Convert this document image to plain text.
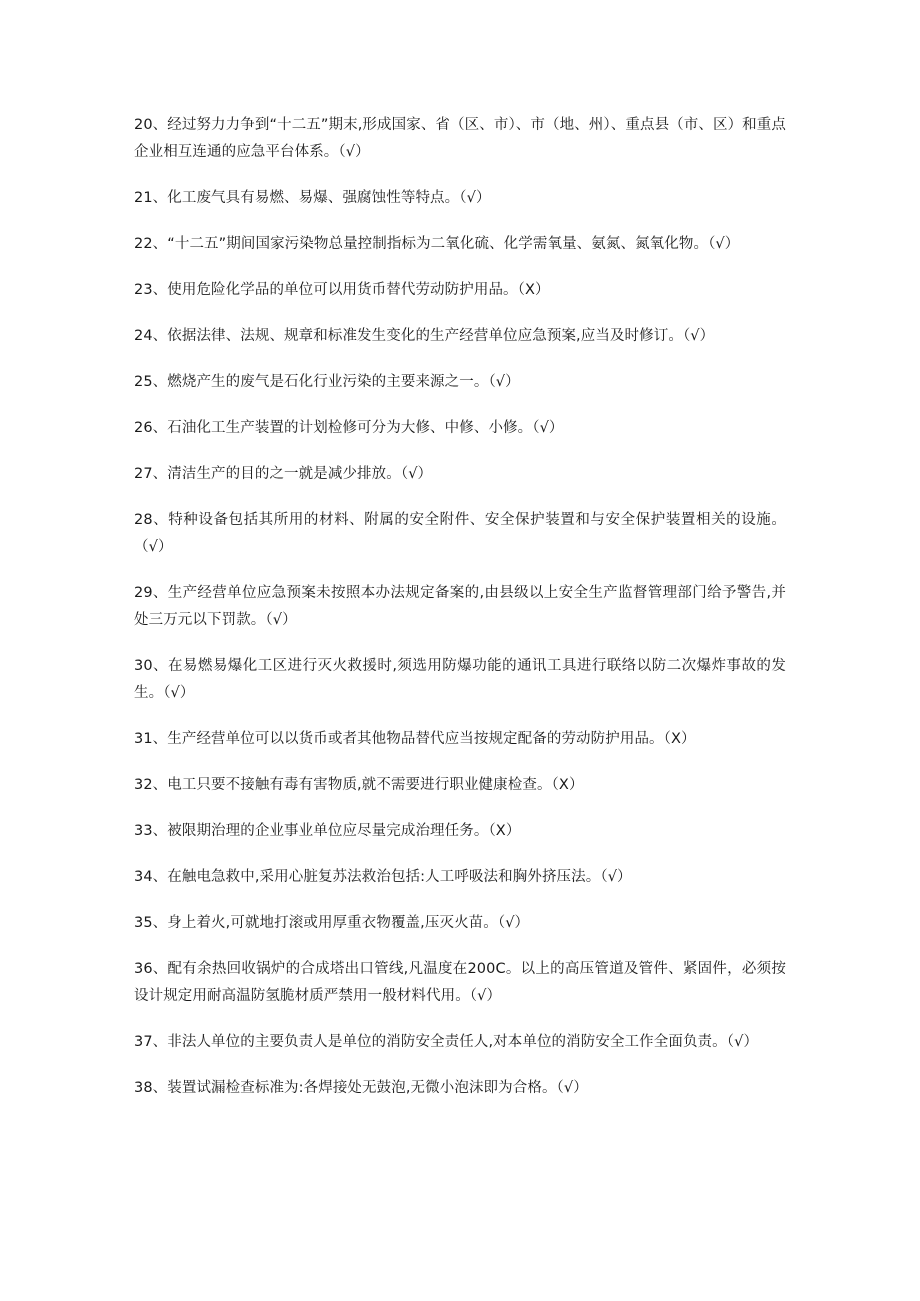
20、经过努力力争到“十二五”期末,形成国家、省（区、市）、市（地、州）、重点县（市、区）和重点企业相互连通的应急平台体系。（√）
21、化工废气具有易燃、易爆、强腐蚀性等特点。（√）
22、“十二五”期间国家污染物总量控制指标为二氧化硫、化学需氧量、氨氮、氮氧化物。（√）
23、使用危险化学品的单位可以用货币替代劳动防护用品。（X）
24、依据法律、法规、规章和标准发生变化的生产经营单位应急预案,应当及时修订。（√）
25、燃烧产生的废气是石化行业污染的主要来源之一。（√）
26、石油化工生产装置的计划检修可分为大修、中修、小修。（√）
27、清洁生产的目的之一就是减少排放。（√）
28、特种设备包括其所用的材料、附属的安全附件、安全保护装置和与安全保护装置相关的设施。（√）
29、生产经营单位应急预案未按照本办法规定备案的,由县级以上安全生产监督管理部门给予警告,并处三万元以下罚款。（√）
30、在易燃易爆化工区进行灭火救援时,须选用防爆功能的通讯工具进行联络以防二次爆炸事故的发生。（√）
31、生产经营单位可以以货币或者其他物品替代应当按规定配备的劳动防护用品。（X）
32、电工只要不接触有毒有害物质,就不需要进行职业健康检查。（X）
33、被限期治理的企业事业单位应尽量完成治理任务。（X）
34、在触电急救中,采用心脏复苏法救治包括:人工呼吸法和胸外挤压法。（√）
35、身上着火,可就地打滚或用厚重衣物覆盖,压灭火苗。（√）
36、配有余热回收锅炉的合成塔出口管线,凡温度在200C。以上的高压管道及管件、紧固件，必须按设计规定用耐高温防氢脆材质严禁用一般材料代用。（√）
37、非法人单位的主要负责人是单位的消防安全责任人,对本单位的消防安全工作全面负责。（√）
38、装置试漏检查标准为:各焊接处无鼓泡,无微小泡沫即为合格。（√）
